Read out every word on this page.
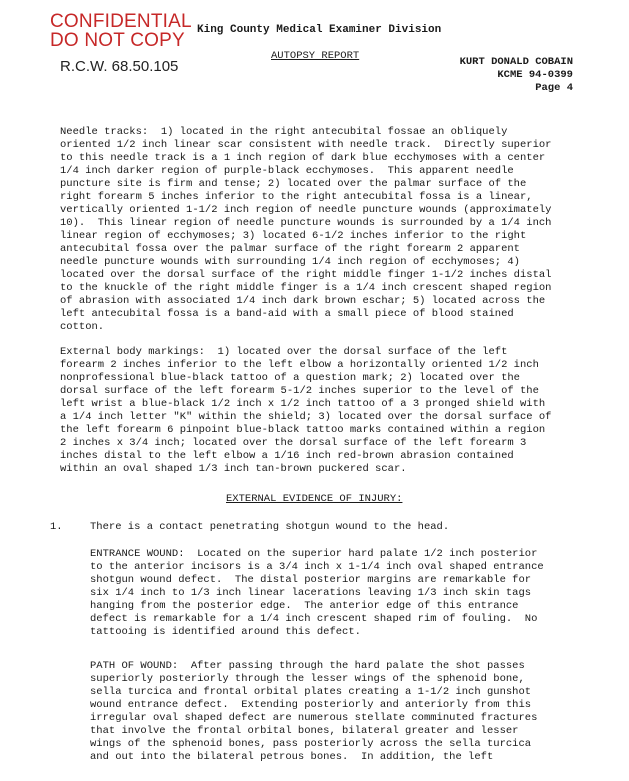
CONFIDENTIAL
DO NOT COPY
R.C.W. 68.50.105
King County Medical Examiner Division
AUTOPSY REPORT	KURT DONALD COBAIN
KCME 94-0399
Page 4
Needle tracks:  1) located in the right antecubital fossae an obliquely
oriented 1/2 inch linear scar consistent with needle track.  Directly superior
to this needle track is a 1 inch region of dark blue ecchymoses with a center
1/4 inch darker region of purple-black ecchymoses.  This apparent needle
puncture site is firm and tense; 2) located over the palmar surface of the
right forearm 5 inches inferior to the right antecubital fossa is a linear,
vertically oriented 1-1/2 inch region of needle puncture wounds (approximately
10).  This linear region of needle puncture wounds is surrounded by a 1/4 inch
linear region of ecchymoses; 3) located 6-1/2 inches inferior to the right
antecubital fossa over the palmar surface of the right forearm 2 apparent
needle puncture wounds with surrounding 1/4 inch region of ecchymoses; 4)
located over the dorsal surface of the right middle finger 1-1/2 inches distal
to the knuckle of the right middle finger is a 1/4 inch crescent shaped region
of abrasion with associated 1/4 inch dark brown eschar; 5) located across the
left antecubital fossa is a band-aid with a small piece of blood stained
cotton.
External body markings:  1) located over the dorsal surface of the left
forearm 2 inches inferior to the left elbow a horizontally oriented 1/2 inch
nonprofessional blue-black tattoo of a question mark; 2) located over the
dorsal surface of the left forearm 5-1/2 inches superior to the level of the
left wrist a blue-black 1/2 inch x 1/2 inch tattoo of a 3 pronged shield with
a 1/4 inch letter "K" within the shield; 3) located over the dorsal surface of
the left forearm 6 pinpoint blue-black tattoo marks contained within a region
2 inches x 3/4 inch; located over the dorsal surface of the left forearm 3
inches distal to the left elbow a 1/16 inch red-brown abrasion contained
within an oval shaped 1/3 inch tan-brown puckered scar.
EXTERNAL EVIDENCE OF INJURY:
1.	There is a contact penetrating shotgun wound to the head.
ENTRANCE WOUND:  Located on the superior hard palate 1/2 inch posterior
to the anterior incisors is a 3/4 inch x 1-1/4 inch oval shaped entrance
shotgun wound defect.  The distal posterior margins are remarkable for
six 1/4 inch to 1/3 inch linear lacerations leaving 1/3 inch skin tags
hanging from the posterior edge.  The anterior edge of this entrance
defect is remarkable for a 1/4 inch crescent shaped rim of fouling.  No
tattooing is identified around this defect.
PATH OF WOUND:  After passing through the hard palate the shot passes
superiorly posteriorly through the lesser wings of the sphenoid bone,
sella turcica and frontal orbital plates creating a 1-1/2 inch gunshot
wound entrance defect.  Extending posteriorly and anteriorly from this
irregular oval shaped defect are numerous stellate comminuted fractures
that involve the frontal orbital bones, bilateral greater and lesser
wings of the sphenoid bones, pass posteriorly across the sella turcica
and out into the bilateral petrous bones.  In addition, the left
